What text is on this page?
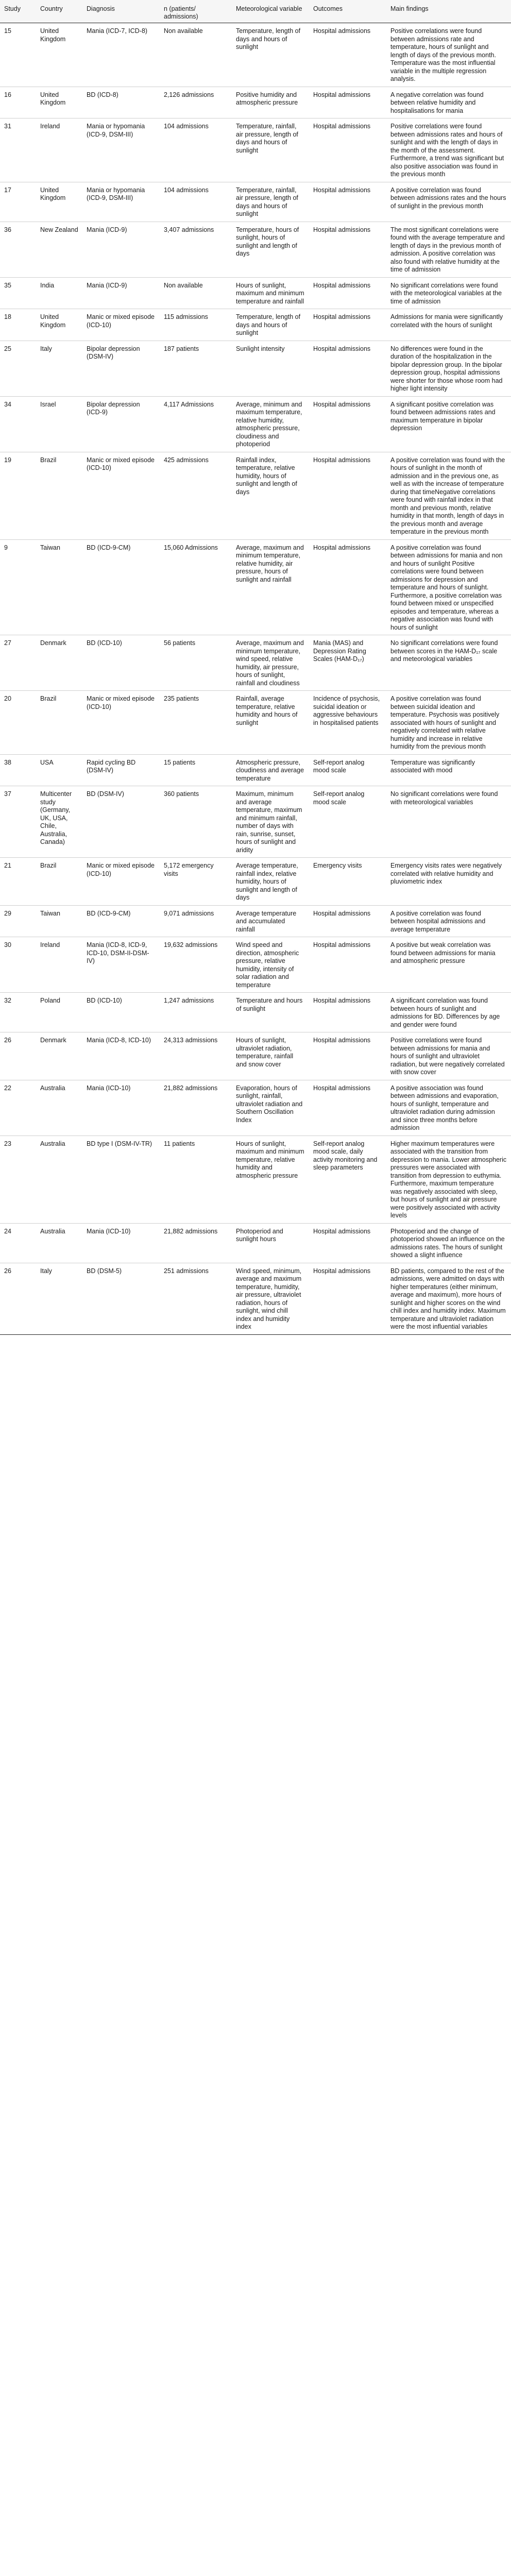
Study	Country	Diagnosis	n (patients/ admissions)	Meteorological variable	Outcomes	Main findings
15	United Kingdom	Mania (ICD-7, ICD-8)	Non available	Temperature, length of days and hours of sunlight	Hospital admissions	Positive correlations were found between admissions rate and temperature, hours of sunlight and length of days of the previous month. Temperature was the most influential variable in the multiple regression analysis.
16	United Kingdom	BD (ICD-8)	2,126 admissions	Positive humidity and atmospheric pressure	Hospital admissions	A negative correlation was found between relative humidity and hospitalisations for mania
31	Ireland	Mania or hypomania (ICD-9, DSM-III)	104 admissions	Temperature, rainfall, air pressure, length of days and hours of sunlight	Hospital admissions	Positive correlations were found between admissions rates and hours of sunlight and with the length of days in the month of the assessment. Furthermore, a trend was significant but also positive association was found in the previous month
17	United Kingdom	Mania or hypomania (ICD-9, DSM-III)	104 admissions	Temperature, rainfall, air pressure, length of days and hours of sunlight	Hospital admissions	A positive correlation was found between admissions rates and the hours of sunlight in the previous month
36	New Zealand	Mania (ICD-9)	3,407 admissions	Temperature, hours of sunlight, hours of sunlight and length of days	Hospital admissions	The most significant correlations were found with the average temperature and length of days in the previous month of admission. A positive correlation was also found with relative humidity at the time of admission
35	India	Mania (ICD-9)	Non available	Hours of sunlight, maximum and minimum temperature and rainfall	Hospital admissions	No significant correlations were found with the meteorological variables at the time of admission
18	United Kingdom	Manic or mixed episode (ICD-10)	115 admissions	Temperature, length of days and hours of sunlight	Hospital admissions	Admissions for mania were significantly correlated with the hours of sunlight
25	Italy	Bipolar depression (DSM-IV)	187 patients	Sunlight intensity	Hospital admissions	No differences were found in the duration of the hospitalization in the bipolar depression group. In the bipolar depression group, hospital admissions were shorter for those whose room had higher light intensity
34	Israel	Bipolar depression (ICD-9)	4,117 Admissions	Average, minimum and maximum temperature, relative humidity, atmospheric pressure, cloudiness and photoperiod	Hospital admissions	A significant positive correlation was found between admissions rates and maximum temperature in bipolar depression
19	Brazil	Manic or mixed episode (ICD-10)	425 admissions	Rainfall index, temperature, relative humidity, hours of sunlight and length of days	Hospital admissions	A positive correlation was found with the hours of sunlight in the month of admission and in the previous one, as well as with the increase of temperature during that timeNegative correlations were found with rainfall index in that month and previous month, relative humidity in that month, length of days in the previous month and average temperature in the previous month
9	Taiwan	BD (ICD-9-CM)	15,060 Admissions	Average, maximum and minimum temperature, relative humidity, air pressure, hours of sunlight and rainfall	Hospital admissions	A positive correlation was found between admissions for mania and non and hours of sunlight Positive correlations were found between admissions for depression and temperature and hours of sunlight. Furthermore, a positive correlation was found between mixed or unspecified episodes and temperature, whereas a negative association was found with hours of sunlight
27	Denmark	BD (ICD-10)	56 patients	Average, maximum and minimum temperature, wind speed, relative humidity, air pressure, hours of sunlight, rainfall and cloudiness	Mania (MAS) and Depression Rating Scales (HAM-D₁₇)	No significant correlations were found between scores in the HAM-D₁₇ scale and meteorological variables
20	Brazil	Manic or mixed episode (ICD-10)	235 patients	Rainfall, average temperature, relative humidity and hours of sunlight	Incidence of psychosis, suicidal ideation or aggressive behaviours in hospitalised patients	A positive correlation was found between suicidal ideation and temperature. Psychosis was positively associated with hours of sunlight and negatively correlated with relative humidity and increase in relative humidity from the previous month
38	USA	Rapid cycling BD (DSM-IV)	15 patients	Atmospheric pressure, cloudiness and average temperature	Self-report analog mood scale	Temperature was significantly associated with mood
37	Multicenter study (Germany, UK, USA, Chile, Australia, Canada)	BD (DSM-IV)	360 patients	Maximum, minimum and average temperature, maximum and minimum rainfall, number of days with rain, sunrise, sunset, hours of sunlight and aridity	Self-report analog mood scale	No significant correlations were found with meteorological variables
21	Brazil	Manic or mixed episode (ICD-10)	5,172 emergency visits	Average temperature, rainfall index, relative humidity, hours of sunlight and length of days	Emergency visits	Emergency visits rates were negatively correlated with relative humidity and pluviometric index
29	Taiwan	BD (ICD-9-CM)	9,071 admissions	Average temperature and accumulated rainfall	Hospital admissions	A positive correlation was found between hospital admissions and average temperature
30	Ireland	Mania (ICD-8, ICD-9, ICD-10, DSM-II-DSM-IV)	19,632 admissions	Wind speed and direction, atmospheric pressure, relative humidity, intensity of solar radiation and temperature	Hospital admissions	A positive but weak correlation was found between admissions for mania and atmospheric pressure
32	Poland	BD (ICD-10)	1,247 admissions	Temperature and hours of sunlight	Hospital admissions	A significant correlation was found between hours of sunlight and admissions for BD. Differences by age and gender were found
26	Denmark	Mania (ICD-8, ICD-10)	24,313 admissions	Hours of sunlight, ultraviolet radiation, temperature, rainfall and snow cover	Hospital admissions	Positive correlations were found between admissions for mania and hours of sunlight and ultraviolet radiation, but were negatively correlated with snow cover
22	Australia	Mania (ICD-10)	21,882 admissions	Evaporation, hours of sunlight, rainfall, ultraviolet radiation and Southern Oscillation Index	Hospital admissions	A positive association was found between admissions and evaporation, hours of sunlight, temperature and ultraviolet radiation during admission and since three months before admission
23	Australia	BD type I (DSM-IV-TR)	11 patients	Hours of sunlight, maximum and minimum temperature, relative humidity and atmospheric pressure	Self-report analog mood scale, daily activity monitoring and sleep parameters	Higher maximum temperatures were associated with the transition from depression to mania. Lower atmospheric pressures were associated with transition from depression to euthymia. Furthermore, maximum temperature was negatively associated with sleep, but hours of sunlight and air pressure were positively associated with activity levels
24	Australia	Mania (ICD-10)	21,882 admissions	Photoperiod and sunlight hours	Hospital admissions	Photoperiod and the change of photoperiod showed an influence on the admissions rates. The hours of sunlight showed a slight influence
26	Italy	BD (DSM-5)	251 admissions	Wind speed, minimum, average and maximum temperature, humidity, air pressure, ultraviolet radiation, hours of sunlight, wind chill index and humidity index	Hospital admissions	BD patients, compared to the rest of the admissions, were admitted on days with higher temperatures (either minimum, average and maximum), more hours of sunlight and higher scores on the wind chill index and humidity index. Maximum temperature and ultraviolet radiation were the most influential variables
